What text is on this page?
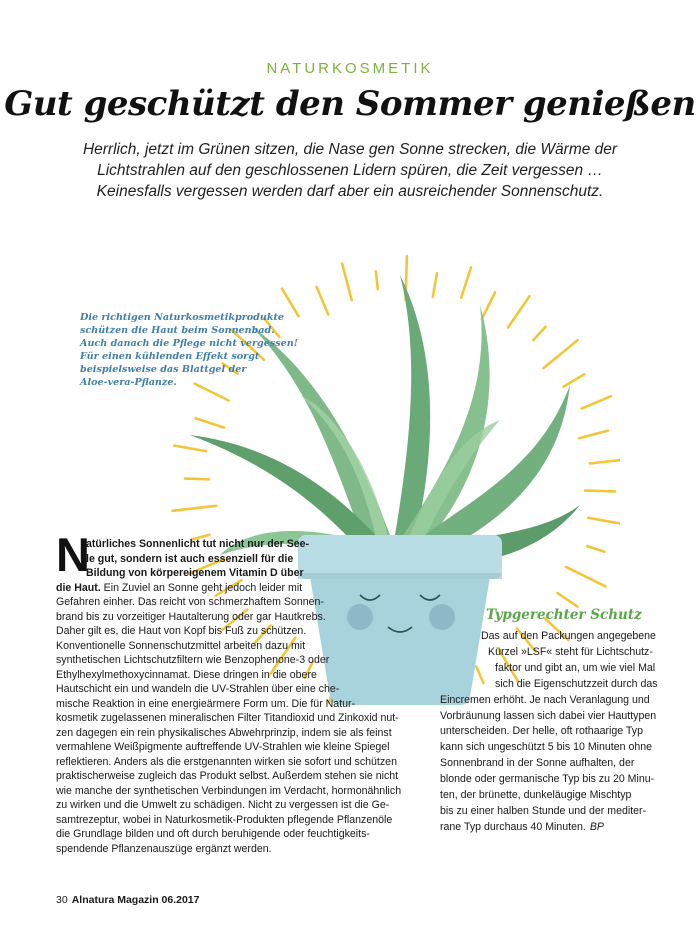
NATURKOSMETIK
Gut geschützt den Sommer genießen
Herrlich, jetzt im Grünen sitzen, die Nase gen Sonne strecken, die Wärme der
Lichtstrahlen auf den geschlossenen Lidern spüren, die Zeit vergessen …
Keinesfalls vergessen werden darf aber ein ausreichender Sonnenschutz.
Die richtigen Naturkosmetikprodukte
schützen die Haut beim Sonnenbad.
Auch danach die Pflege nicht vergessen!
Für einen kühlenden Effekt sorgt
beispielsweise das Blattgel der
Aloe-vera-Pflanze.
N
atürliches Sonnenlicht tut nicht nur der See-
le gut, sondern ist auch essenziell für die
Bildung von körpereigenem Vitamin D über
die Haut. Ein Zuviel an Sonne geht jedoch leider mit
Gefahren einher. Das reicht von schmerzhaftem Sonnen-
brand bis zu vorzeitiger Hautalterung oder gar Hautkrebs.
Daher gilt es, die Haut von Kopf bis Fuß zu schützen.
Konventionelle Sonnenschutzmittel arbeiten dazu mit
synthetischen Lichtschutzfiltern wie Benzophenone-3 oder
Ethylhexylmethoxycinnamat. Diese dringen in die obere
Hautschicht ein und wandeln die UV-Strahlen über eine che-
mische Reaktion in eine energieärmere Form um. Die für Natur-
kosmetik zugelassenen mineralischen Filter Titandioxid und Zinkoxid nut-
zen dagegen ein rein physikalisches Abwehrprinzip, indem sie als feinst
vermahlene Weißpigmente auftreffende UV-Strahlen wie kleine Spiegel
reflektieren. Anders als die erstgenannten wirken sie sofort und schützen
praktischerweise zugleich das Produkt selbst. Außerdem stehen sie nicht
wie manche der synthetischen Verbindungen im Verdacht, hormonähnlich
zu wirken und die Umwelt zu schädigen. Nicht zu vergessen ist die Ge-
samtrezeptur, wobei in Naturkosmetik-Produkten pflegende Pflanzenöle
die Grundlage bilden und oft durch beruhigende oder feuchtigkeits-
spendende Pflanzenauszüge ergänzt werden.
Typgerechter Schutz
Das auf den Packungen angegebene
Kürzel »LSF« steht für Lichtschutz-
faktor und gibt an, um wie viel Mal
sich die Eigenschutzzeit durch das
Eincremen erhöht. Je nach Veranlagung und
Vorbräunung lassen sich dabei vier Hauttypen
unterscheiden. Der helle, oft rothaarige Typ
kann sich ungeschützt 5 bis 10 Minuten ohne
Sonnenbrand in der Sonne aufhalten, der
blonde oder germanische Typ bis zu 20 Minu-
ten, der brünette, dunkeläugige Mischtyp
bis zu einer halben Stunde und der mediter-
rane Typ durchaus 40 Minuten. BP
30 Alnatura Magazin 06.2017
